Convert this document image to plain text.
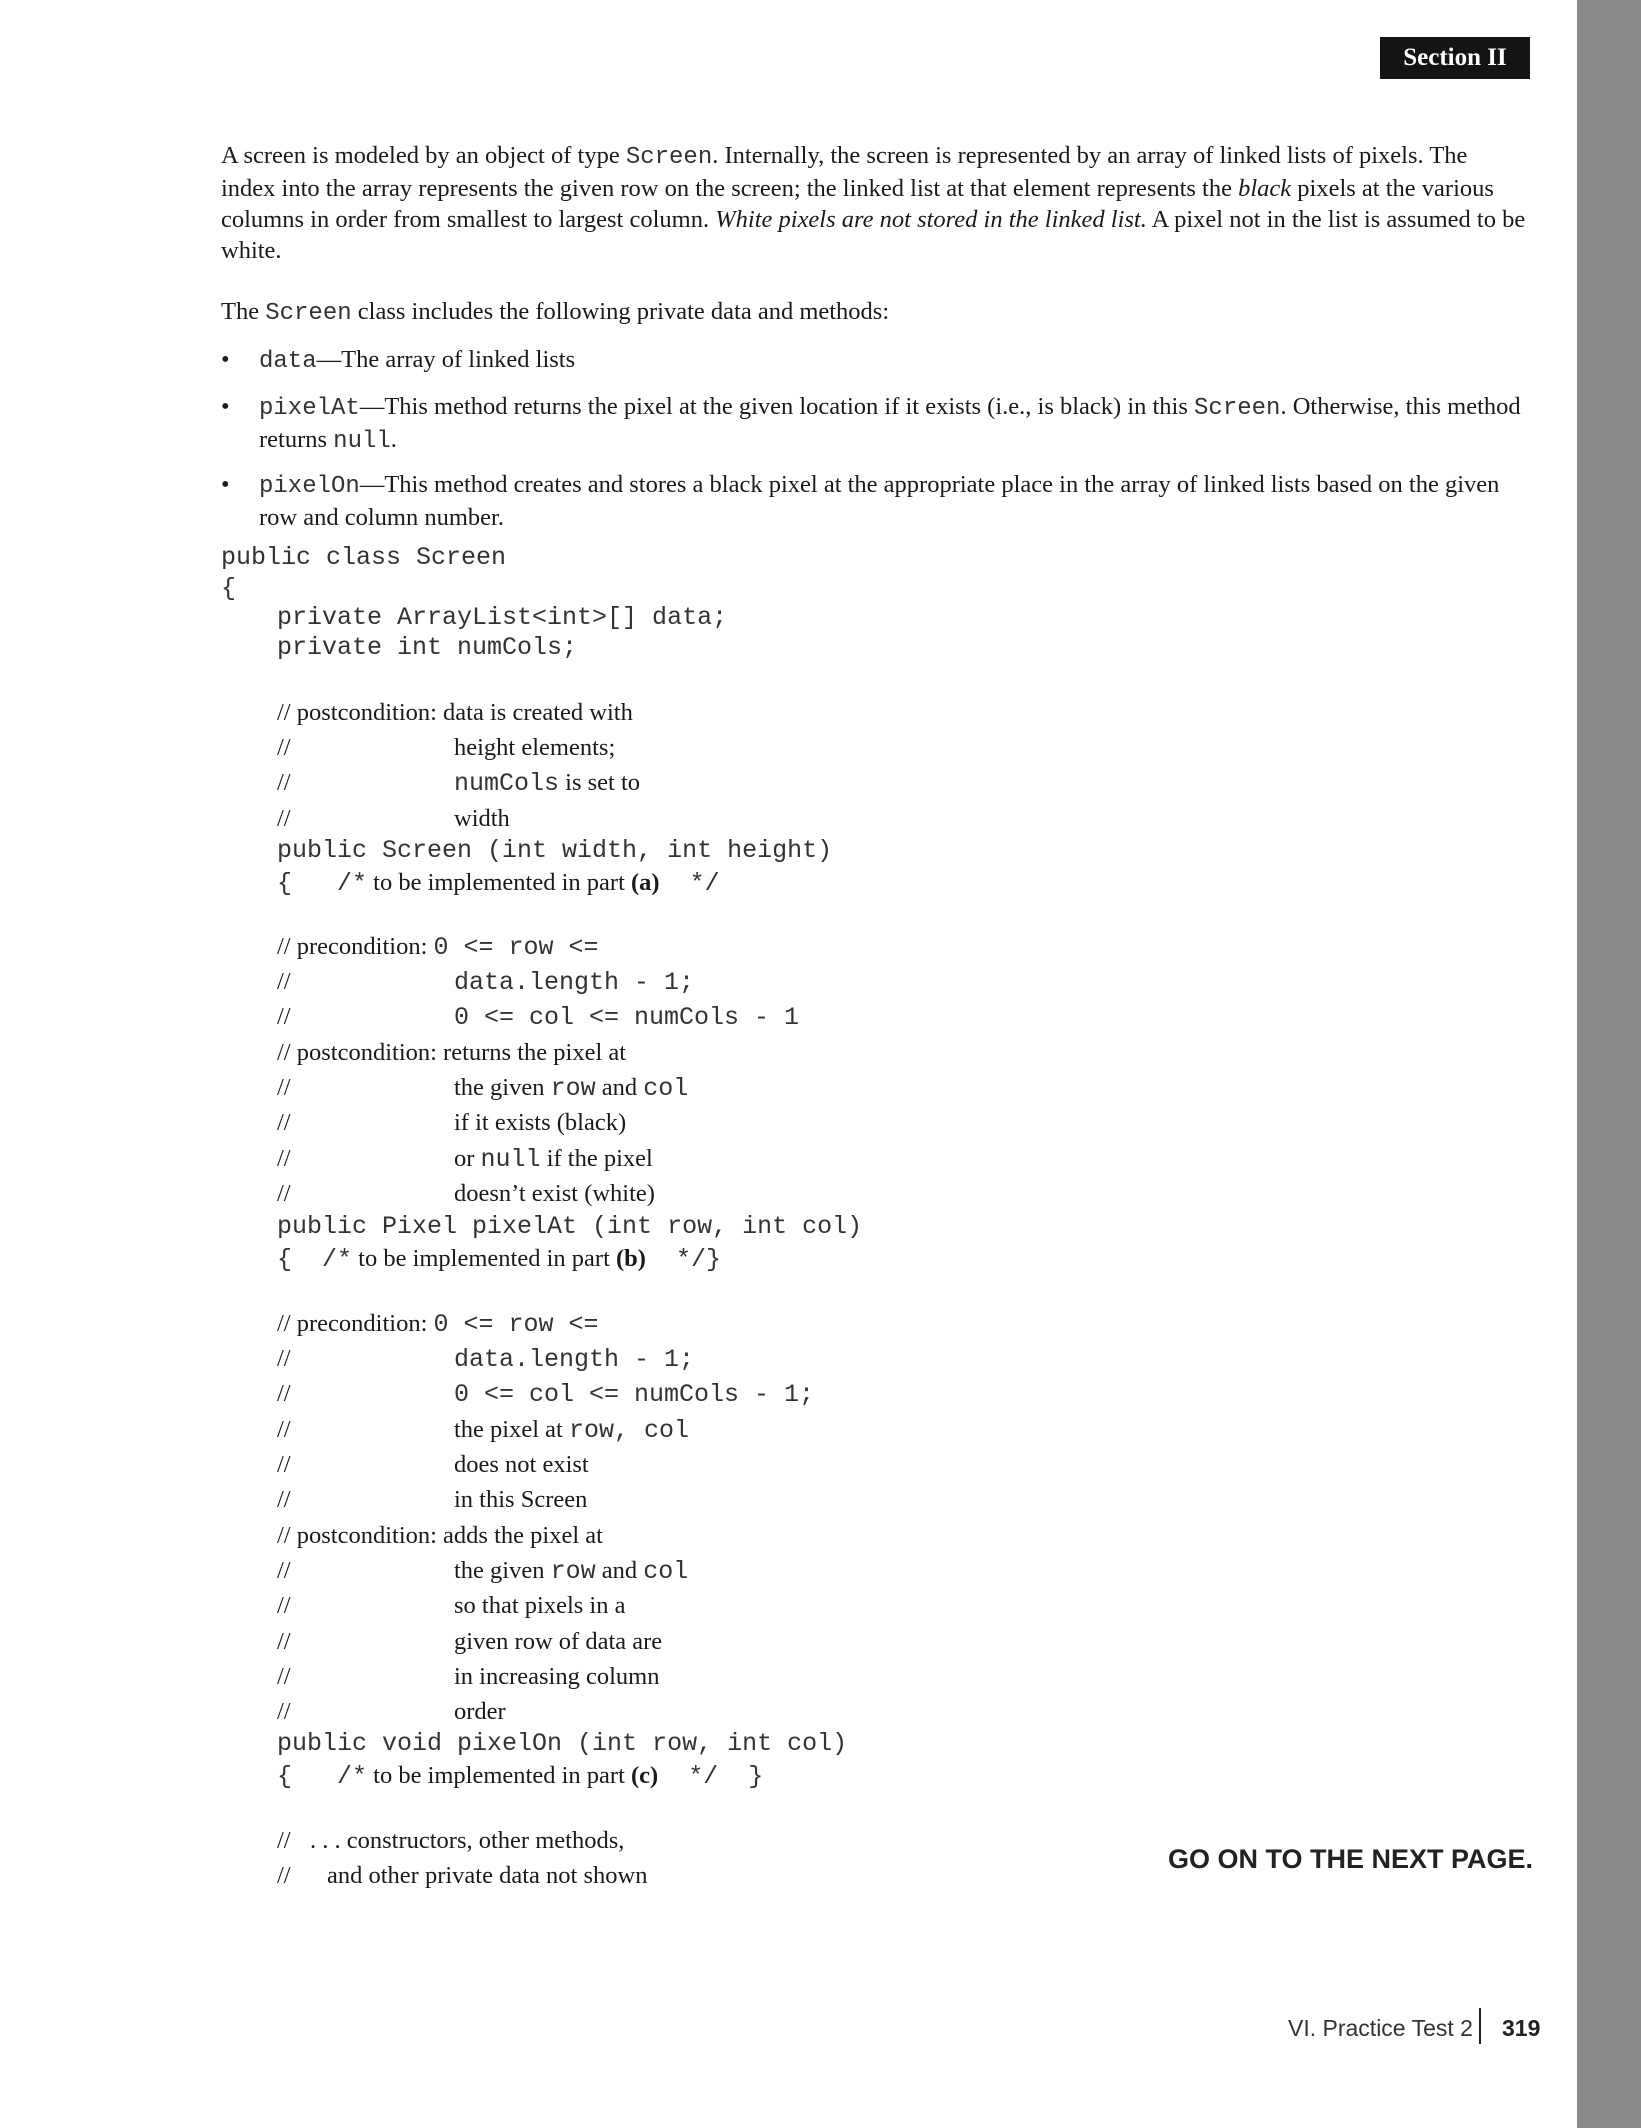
Section II

A screen is modeled by an object of type Screen. Internally, the screen is represented by an array of linked lists of pixels. The index into the array represents the given row on the screen; the linked list at that element represents the black pixels at the various columns in order from smallest to largest column. White pixels are not stored in the linked list. A pixel not in the list is assumed to be white.

The Screen class includes the following private data and methods:

• data—The array of linked lists
• pixelAt—This method returns the pixel at the given location if it exists (i.e., is black) in this Screen. Otherwise, this method returns null.
• pixelOn—This method creates and stores a black pixel at the appropriate place in the array of linked lists based on the given row and column number.
public class Screen
{
private ArrayList<int>[] data;
private int numCols;
// postcondition: data is created with
//	height elements;
//	numCols is set to
//	width
public Screen (int width, int height)
{   /* to be implemented in part (a)  */
// precondition: 0 <= row <=
//	data.length - 1;
//	0 <= col <= numCols - 1
// postcondition: returns the pixel at
//	the given row and col
//	if it exists (black)
//	or null if the pixel
//	doesn’t exist (white)
public Pixel pixelAt (int row, int col)
{  /* to be implemented in part (b)  */}
// precondition: 0 <= row <=
//	data.length - 1;
//	0 <= col <= numCols - 1;
//	the pixel at row, col
//	does not exist
//	in this Screen
// postcondition: adds the pixel at
//	the given row and col
//	so that pixels in a
//	given row of data are
//	in increasing column
//	order
public void pixelOn (int row, int col)
{   /* to be implemented in part (c)  */  }
// . . . constructors, other methods,
// and other private data not shown
GO ON TO THE NEXT PAGE.
VI. Practice Test 2 319
